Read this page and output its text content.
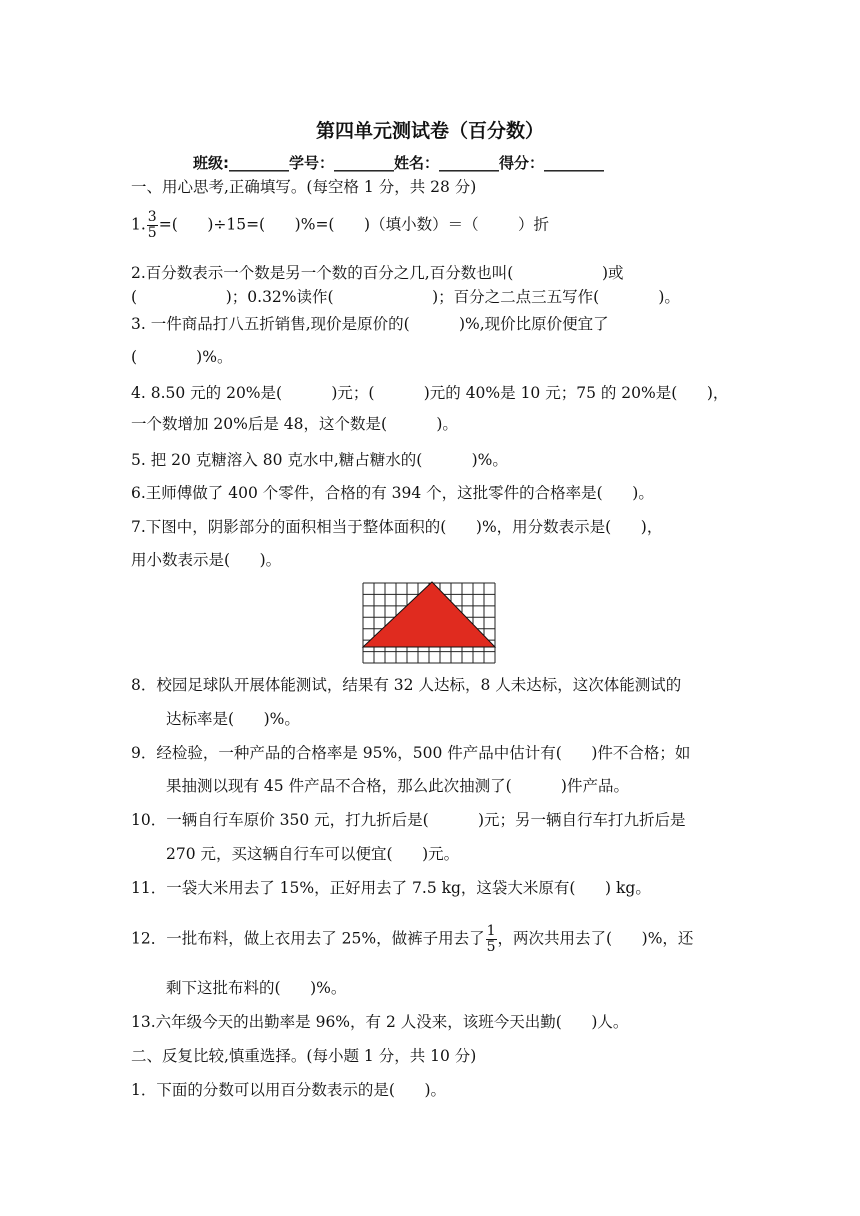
第四单元测试卷（百分数）
班级:________学号：________姓名：________得分：________
一、用心思考,正确填写。(每空格 1 分，共 28 分)
1. $\frac{3}{5}$ =(      )÷15=(      )%=(      )（填小数）＝（        ）折
2.百分数表示一个数是另一个数的百分之几,百分数也叫(                  )或
(                  )；0.32%读作(                    )；百分之二点三五写作(            )。
3. 一件商品打八五折销售,现价是原价的(          )%,现价比原价便宜了
(            )%。
4. 8.50 元的 20%是(          )元；(          )元的 40%是 10 元；75 的 20%是(      )，
一个数增加 20%后是 48，这个数是(          )。
5. 把 20 克糖溶入 80 克水中,糖占糖水的(          )%。
6.王师傅做了 400 个零件，合格的有 394 个，这批零件的合格率是(      )。
7.下图中，阴影部分的面积相当于整体面积的(      )%，用分数表示是(      )，
用小数表示是(      )。
8．校园足球队开展体能测试，结果有 32 人达标，8 人未达标，这次体能测试的
达标率是(      )%。
9．经检验，一种产品的合格率是 95%，500 件产品中估计有(      )件不合格；如
果抽测以现有 45 件产品不合格，那么此次抽测了(          )件产品。
10．一辆自行车原价 350 元，打九折后是(          )元；另一辆自行车打九折后是
270 元，买这辆自行车可以便宜(      )元。
11．一袋大米用去了 15%，正好用去了 7.5 kg，这袋大米原有(      ) kg。
12．一批布料，做上衣用去了 25%，做裤子用去了 $\frac{1}{5}$ ，两次共用去了(      )%，还
剩下这批布料的(      )%。
13.六年级今天的出勤率是 96%，有 2 人没来，该班今天出勤(      )人。
二、反复比较,慎重选择。(每小题 1 分，共 10 分)
1．下面的分数可以用百分数表示的是(      )。
